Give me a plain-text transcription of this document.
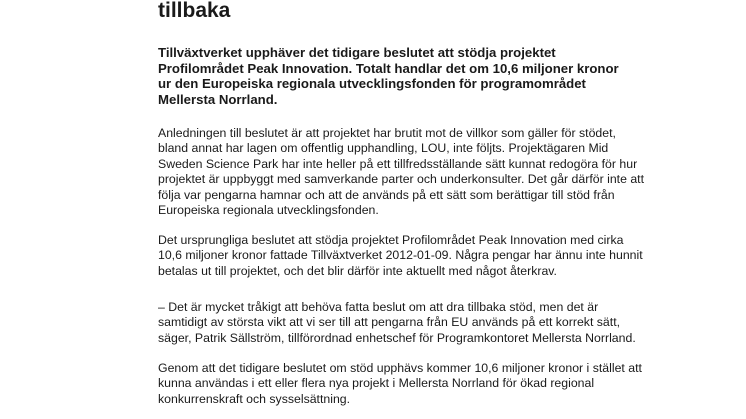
tillbaka

Tillväxtverket upphäver det tidigare beslutet att stödja projektet
Profilområdet Peak Innovation. Totalt handlar det om 10,6 miljoner kronor
ur den Europeiska regionala utvecklingsfonden för programområdet
Mellersta Norrland.

Anledningen till beslutet är att projektet har brutit mot de villkor som gäller för stödet,
bland annat har lagen om offentlig upphandling, LOU, inte följts. Projektägaren Mid
Sweden Science Park har inte heller på ett tillfredsställande sätt kunnat redogöra för hur
projektet är uppbyggt med samverkande parter och underkonsulter. Det går därför inte att
följa var pengarna hamnar och att de används på ett sätt som berättigar till stöd från
Europeiska regionala utvecklingsfonden.

Det ursprungliga beslutet att stödja projektet Profilområdet Peak Innovation med cirka
10,6 miljoner kronor fattade Tillväxtverket 2012-01-09. Några pengar har ännu inte hunnit
betalas ut till projektet, och det blir därför inte aktuellt med något återkrav.

– Det är mycket tråkigt att behöva fatta beslut om att dra tillbaka stöd, men det är
samtidigt av största vikt att vi ser till att pengarna från EU används på ett korrekt sätt,
säger, Patrik Sällström, tillförordnad enhetschef för Programkontoret Mellersta Norrland.

Genom att det tidigare beslutet om stöd upphävs kommer 10,6 miljoner kronor i stället att
kunna användas i ett eller flera nya projekt i Mellersta Norrland för ökad regional
konkurrenskraft och sysselsättning.
